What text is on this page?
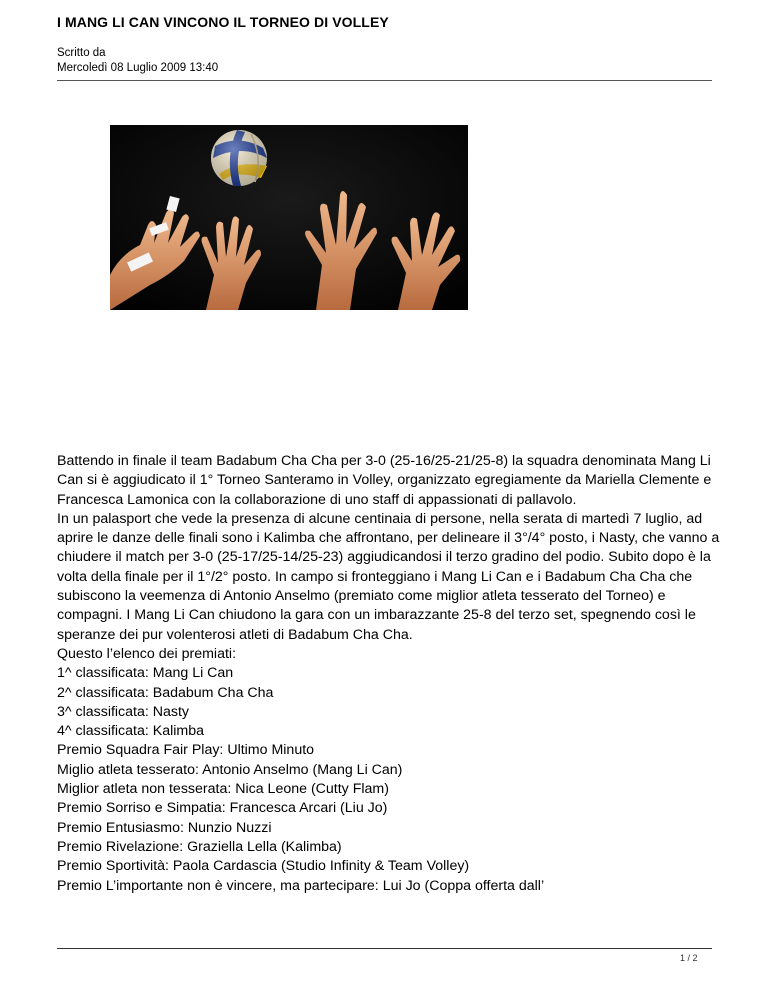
I MANG LI CAN VINCONO IL TORNEO DI VOLLEY
Scritto da
Mercoledì 08 Luglio 2009 13:40

Battendo in finale il team Badabum Cha Cha per 3-0 (25-16/25-21/25-8) la squadra denominata Mang Li Can si è aggiudicato il 1° Torneo Santeramo in Volley, organizzato egregiamente da Mariella Clemente e Francesca Lamonica con la collaborazione di uno staff di appassionati di pallavolo.

In un palasport che vede la presenza di alcune centinaia di persone, nella serata di martedì 7 luglio, ad aprire le danze delle finali sono i Kalimba che affrontano, per delineare il 3°/4° posto, i Nasty, che vanno a chiudere il match per 3-0 (25-17/25-14/25-23) aggiudicandosi il terzo gradino del podio. Subito dopo è la volta della finale per il 1°/2° posto. In campo si fronteggiano i Mang Li Can e i Badabum Cha Cha che subiscono la veemenza di Antonio Anselmo (premiato come miglior atleta tesserato del Torneo) e compagni. I Mang Li Can chiudono la gara con un imbarazzante 25-8 del terzo set, spegnendo così le speranze dei pur volenterosi atleti di Badabum Cha Cha.

Questo l’elenco dei premiati:

1^ classificata: Mang Li Can
2^ classificata: Badabum Cha Cha
3^ classificata: Nasty
4^ classificata: Kalimba
Premio Squadra Fair Play: Ultimo Minuto
Miglio atleta tesserato: Antonio Anselmo (Mang Li Can)
Miglior atleta non tesserata: Nica Leone (Cutty Flam)
Premio Sorriso e Simpatia: Francesca Arcari (Liu Jo)
Premio Entusiasmo: Nunzio Nuzzi
Premio Rivelazione: Graziella Lella (Kalimba)
Premio Sportività: Paola Cardascia (Studio Infinity & Team Volley)
Premio L’importante non è vincere, ma partecipare: Lui Jo (Coppa offerta dall’
1 / 2
